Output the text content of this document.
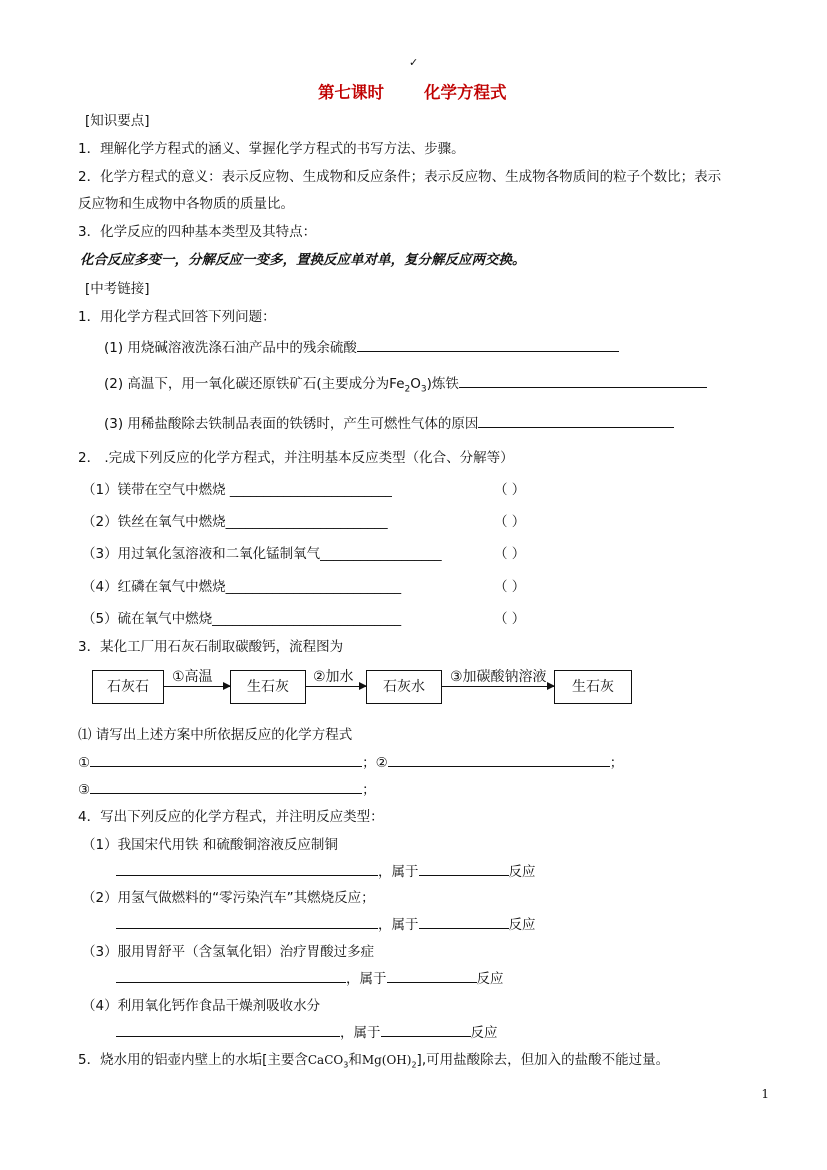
✓
第七课时 化学方程式
[知识要点]
1．理解化学方程式的涵义、掌握化学方程式的书写方法、步骤。
2．化学方程式的意义：表示反应物、生成物和反应条件；表示反应物、生成物各物质间的粒子个数比；表示
反应物和生成物中各物质的质量比。
3．化学反应的四种基本类型及其特点：
化合反应多变一，分解反应一变多，置换反应单对单，复分解反应两交换。
[中考链接]
1．用化学方程式回答下列问题：
(1) 用烧碱溶液洗涤石油产品中的残余硫酸
(2) 高温下，用一氧化碳还原铁矿石(主要成分为$Fe_2O_3$)炼铁
(3) 用稀盐酸除去铁制品表面的铁锈时，产生可燃性气体的原因
2． .完成下列反应的化学方程式，并注明基本反应类型（化合、分解等）
（1）镁带在空气中燃烧 ________________________	（ ）
（2）铁丝在氧气中燃烧________________________	（ ）
（3）用过氧化氢溶液和二氧化锰制氧气__________________	（ ）
（4）红磷在氧气中燃烧__________________________	（ ）
（5）硫在氧气中燃烧____________________________	（ ）
3．某化工厂用石灰石制取碳酸钙，流程图为
石灰石
①高温
生石灰
②加水
石灰水
③加碳酸钠溶液
生石灰
⑴ 请写出上述方案中所依据反应的化学方程式
①	；②	；
③	；
4．写出下列反应的化学方程式，并注明反应类型：
（1）我国宋代用铁 和硫酸铜溶液反应制铜
，属于	反应
（2）用氢气做燃料的“零污染汽车”其燃烧反应；
，属于	反应
（3）服用胃舒平（含氢氧化铝）治疗胃酸过多症
，属于	反应
（4）利用氧化钙作食品干燥剂吸收水分
，属于	反应
5．烧水用的铝壶内壁上的水垢[主要含CaCO$_3$和$Mg(OH)_2$],可用盐酸除去，但加入的盐酸不能过量。
1
